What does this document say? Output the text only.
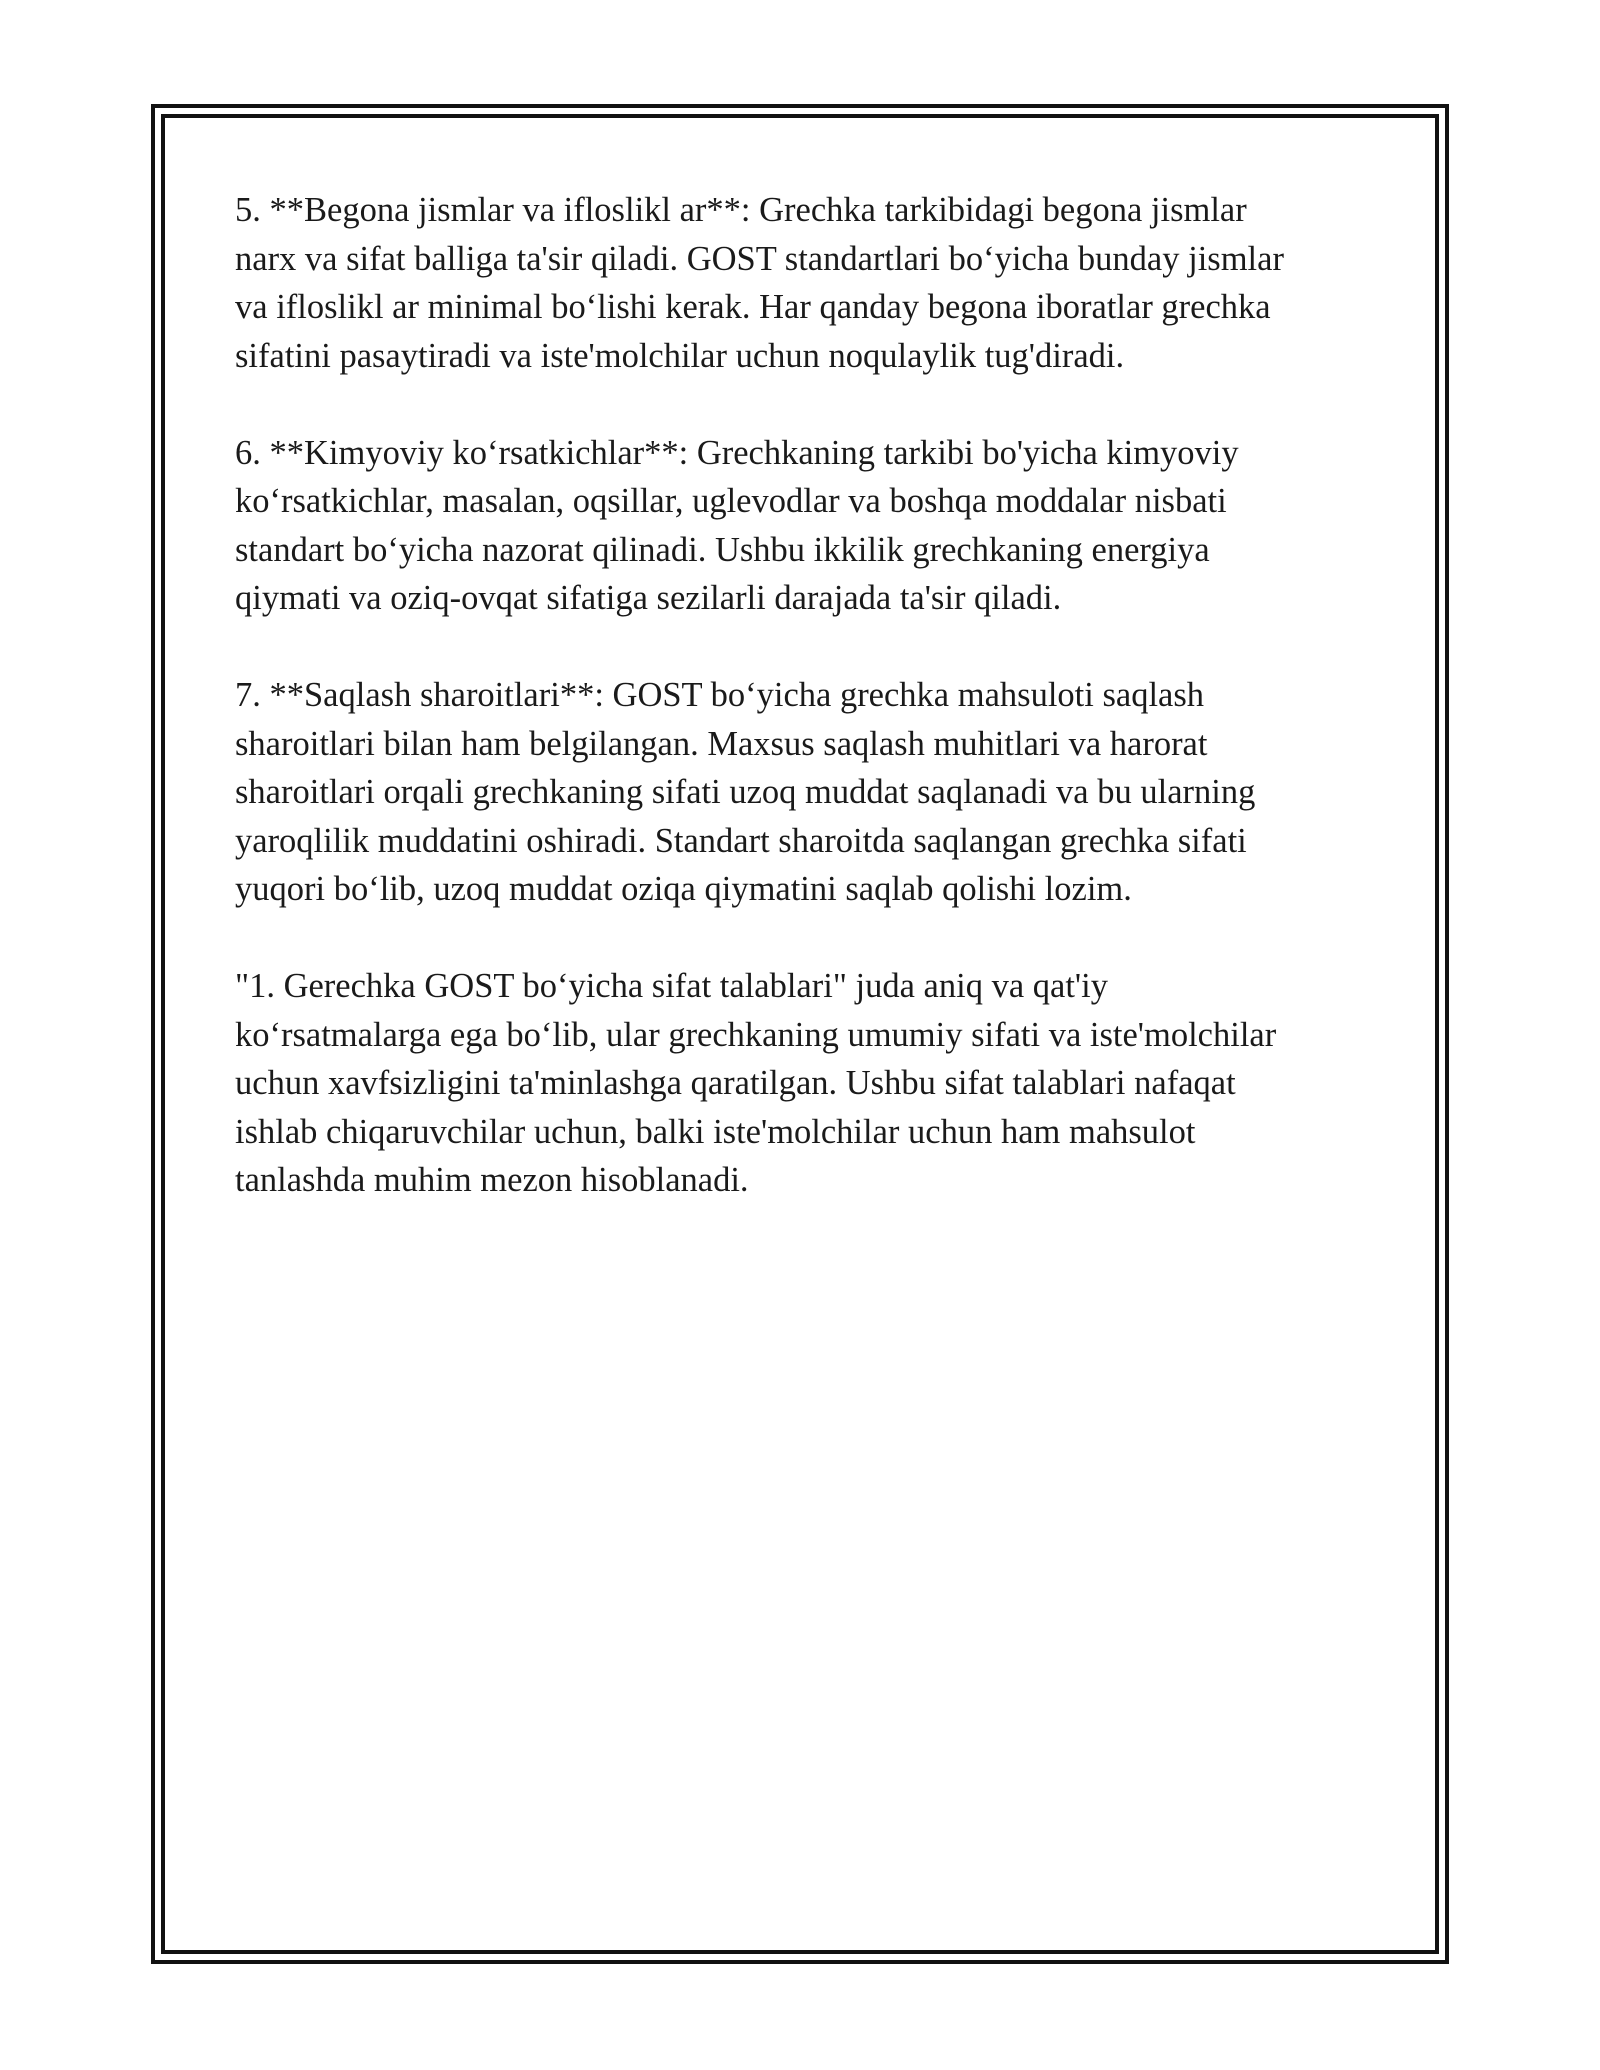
5. **Begona jismlar va ifloslikl ar**: Grechka tarkibidagi begona jismlar
narx va sifat balliga ta'sir qiladi. GOST standartlari bo‘yicha bunday jismlar
va ifloslikl ar minimal bo‘lishi kerak. Har qanday begona iboratlar grechka
sifatini pasaytiradi va iste'molchilar uchun noqulaylik tug'diradi.

6. **Kimyoviy ko‘rsatkichlar**: Grechkaning tarkibi bo'yicha kimyoviy
ko‘rsatkichlar, masalan, oqsillar, uglevodlar va boshqa moddalar nisbati
standart bo‘yicha nazorat qilinadi. Ushbu ikkilik grechkaning energiya
qiymati va oziq-ovqat sifatiga sezilarli darajada ta'sir qiladi.

7. **Saqlash sharoitlari**: GOST bo‘yicha grechka mahsuloti saqlash
sharoitlari bilan ham belgilangan. Maxsus saqlash muhitlari va harorat
sharoitlari orqali grechkaning sifati uzoq muddat saqlanadi va bu ularning
yaroqlilik muddatini oshiradi. Standart sharoitda saqlangan grechka sifati
yuqori bo‘lib, uzoq muddat oziqa qiymatini saqlab qolishi lozim.

"1. Gerechka GOST bo‘yicha sifat talablari" juda aniq va qat'iy
ko‘rsatmalarga ega bo‘lib, ular grechkaning umumiy sifati va iste'molchilar
uchun xavfsizligini ta'minlashga qaratilgan. Ushbu sifat talablari nafaqat
ishlab chiqaruvchilar uchun, balki iste'molchilar uchun ham mahsulot
tanlashda muhim mezon hisoblanadi.
